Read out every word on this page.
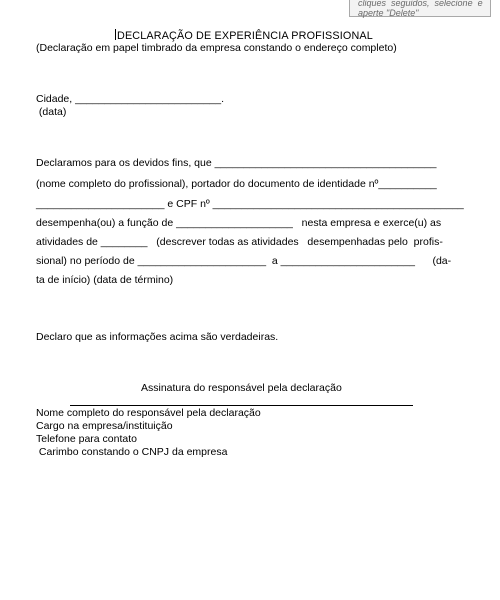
cliques  seguidos,  selecione  e
aperte "Delete"
DECLARAÇÃO DE EXPERIÊNCIA PROFISSIONAL
(Declaração em papel timbrado da empresa constando o endereço completo)
Cidade, _________________________.
(data)
Declaramos para os devidos fins, que ______________________________________
(nome completo do profissional), portador do documento de identidade nº__________
______________________ e CPF nº ___________________________________________
desempenha(ou) a função de ____________________   nesta empresa e exerce(u) as
atividades de ________   (descrever todas as atividades   desempenhadas pelo  profis-
sional) no período de ______________________  a _______________________      (da-
ta de início) (data de término)
Declaro que as informações acima são verdadeiras.
Assinatura do responsável pela declaração
Nome completo do responsável pela declaração
Cargo na empresa/instituição
Telefone para contato
Carimbo constando o CNPJ da empresa
